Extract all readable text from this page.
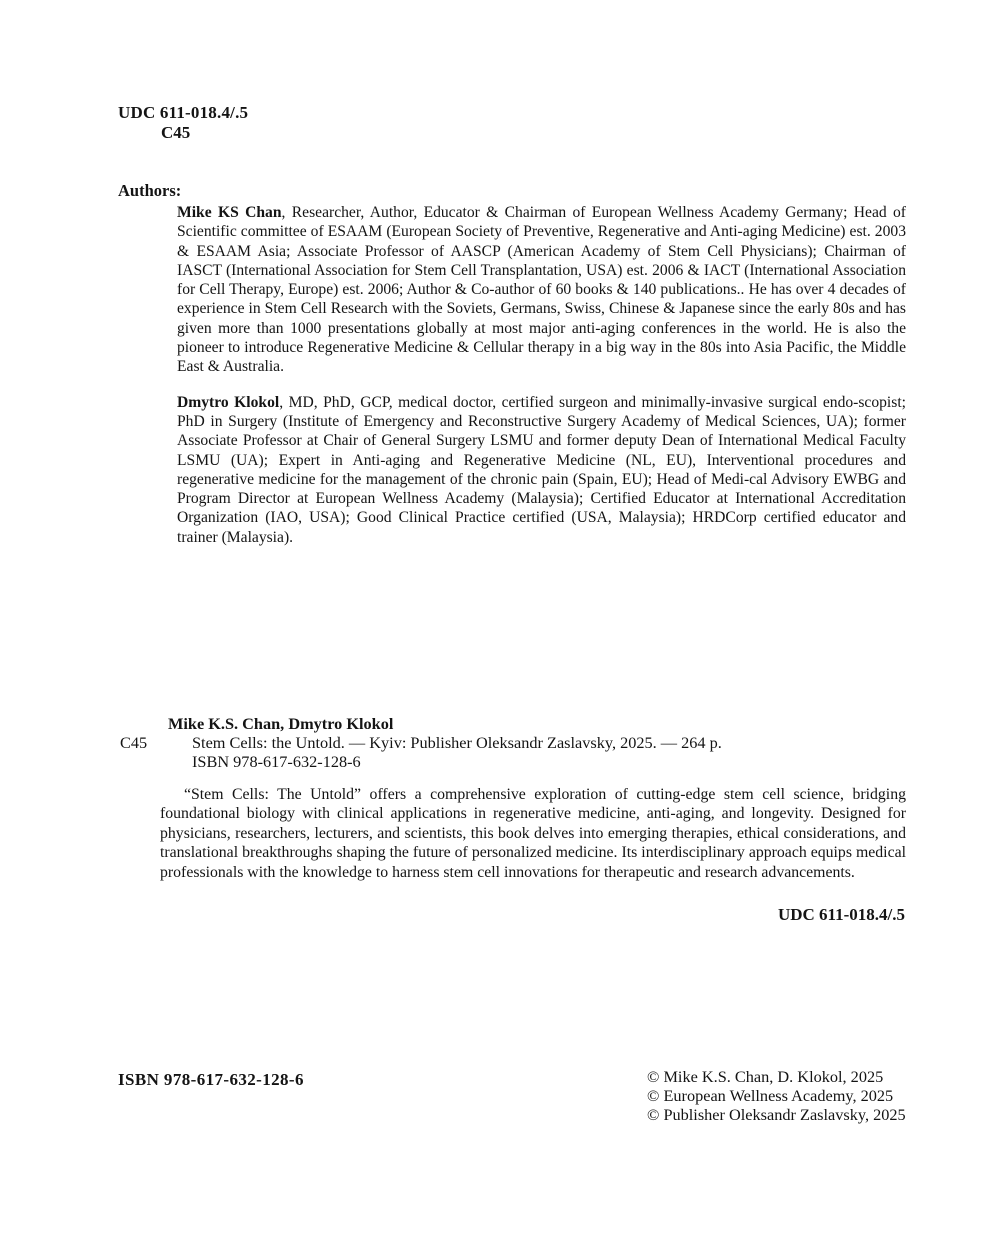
UDC 611-018.4/.5
C45
Authors:

Mike KS Chan, Researcher, Author, Educator & Chairman of European Wellness Academy Germany; Head of Scientific committee of ESAAM (European Society of Preventive, Regenerative and Anti-aging Medicine) est. 2003 & ESAAM Asia; Associate Professor of AASCP (American Academy of Stem Cell Physicians); Chairman of IASCT (International Association for Stem Cell Transplantation, USA) est. 2006 & IACT (International Association for Cell Therapy, Europe) est. 2006; Author & Co-author of 60 books & 140 publications.. He has over 4 decades of experience in Stem Cell Research with the Soviets, Germans, Swiss, Chinese & Japanese since the early 80s and has given more than 1000 presentations globally at most major anti-aging conferences in the world. He is also the pioneer to introduce Regenerative Medicine & Cellular therapy in a big way in the 80s into Asia Pacific, the Middle East & Australia.

Dmytro Klokol, MD, PhD, GCP, medical doctor, certified surgeon and minimally-invasive surgical endo-scopist; PhD in Surgery (Institute of Emergency and Reconstructive Surgery Academy of Medical Sciences, UA); former Associate Professor at Chair of General Surgery LSMU and former deputy Dean of International Medical Faculty LSMU (UA); Expert in Anti-aging and Regenerative Medicine (NL, EU), Interventional procedures and regenerative medicine for the management of the chronic pain (Spain, EU); Head of Medi-cal Advisory EWBG and Program Director at European Wellness Academy (Malaysia); Certified Educator at International Accreditation Organization (IAO, USA); Good Clinical Practice certified (USA, Malaysia); HRDCorp certified educator and trainer (Malaysia).

Mike K.S. Chan, Dmytro Klokol
C45	Stem Cells: the Untold. — Kyiv: Publisher Oleksandr Zaslavsky, 2025. — 264 p.
ISBN 978-617-632-128-6
“Stem Cells: The Untold” offers a comprehensive exploration of cutting-edge stem cell science, bridging foundational biology with clinical applications in regenerative medicine, anti-aging, and longevity. Designed for physicians, researchers, lecturers, and scientists, this book delves into emerging therapies, ethical considerations, and translational breakthroughs shaping the future of personalized medicine. Its interdisciplinary approach equips medical professionals with the knowledge to harness stem cell innovations for therapeutic and research advancements.
UDC 611-018.4/.5
ISBN 978-617-632-128-6	© Mike K.S. Chan, D. Klokol, 2025
© European Wellness Academy, 2025
© Publisher Oleksandr Zaslavsky, 2025
